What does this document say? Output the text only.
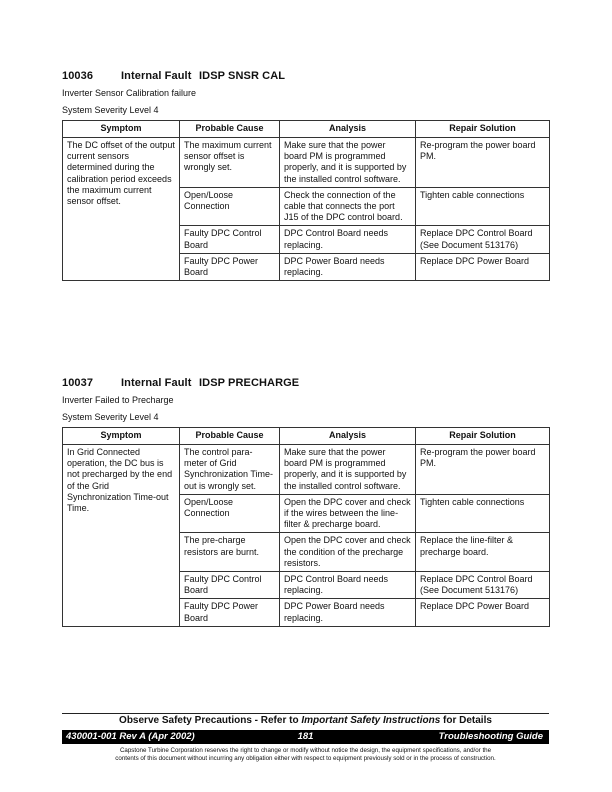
10036	Internal Fault IDSP SNSR CAL

Inverter Sensor Calibration failure

System Severity Level 4

Symptom	Probable Cause	Analysis	Repair Solution
The DC offset of the output current sensors determined during the calibration period exceeds the maximum current sensor offset.	The maximum current sensor offset is wrongly set.	Make sure that the power board PM is programmed properly, and it is supported by the installed control software.	Re-program the power board PM.
	Open/Loose Connection	Check the connection of the cable that connects the port J15 of the DPC control board.	Tighten cable connections
	Faulty DPC Control Board	DPC Control Board needs replacing.	Replace DPC Control Board (See Document 513176)
	Faulty DPC Power Board	DPC Power Board needs replacing.	Replace DPC Power Board

10037	Internal Fault IDSP PRECHARGE

Inverter Failed to Precharge

System Severity Level 4

Symptom	Probable Cause	Analysis	Repair Solution
In Grid Connected operation, the DC bus is not precharged by the end of the Grid Synchronization Time-out Time.	The control para-meter of Grid Synchronization Time-out is wrongly set.	Make sure that the power board PM is programmed properly, and it is supported by the installed control software.	Re-program the power board PM.
	Open/Loose Connection	Open the DPC cover and check if the wires between the line-filter & precharge board.	Tighten cable connections
	The pre-charge resistors are burnt.	Open the DPC cover and check the condition of the precharge resistors.	Replace the line-filter & precharge board.
	Faulty DPC Control Board	DPC Control Board needs replacing.	Replace DPC Control Board (See Document 513176)
	Faulty DPC Power Board	DPC Power Board needs replacing.	Replace DPC Power Board
Observe Safety Precautions - Refer to Important Safety Instructions for Details
430001-001 Rev A (Apr 2002)	181	Troubleshooting Guide
Capstone Turbine Corporation reserves the right to change or modify without notice the design, the equipment specifications, and/or the
contents of this document without incurring any obligation either with respect to equipment previously sold or in the process of construction.
